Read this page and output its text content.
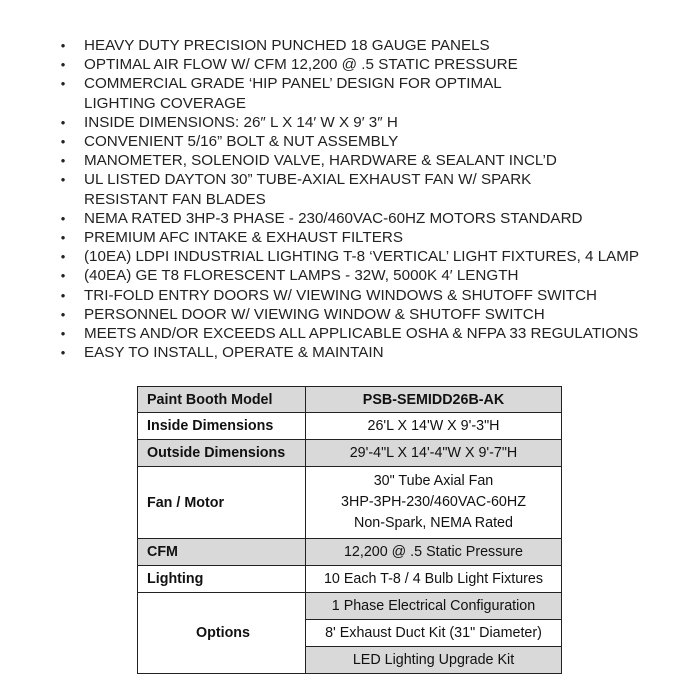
• HEAVY DUTY PRECISION PUNCHED 18 GAUGE PANELS
• OPTIMAL AIR FLOW W/ CFM 12,200 @ .5 STATIC PRESSURE
• COMMERCIAL GRADE ‘HIP PANEL’ DESIGN FOR OPTIMAL
LIGHTING COVERAGE
• INSIDE DIMENSIONS: 26″ L X 14′ W X 9′ 3″ H
• CONVENIENT 5/16” BOLT & NUT ASSEMBLY
• MANOMETER, SOLENOID VALVE, HARDWARE & SEALANT INCL’D
• UL LISTED DAYTON 30” TUBE-AXIAL EXHAUST FAN W/ SPARK
RESISTANT FAN BLADES
• NEMA RATED 3HP-3 PHASE - 230/460VAC-60HZ MOTORS STANDARD
• PREMIUM AFC INTAKE & EXHAUST FILTERS
• (10EA) LDPI INDUSTRIAL LIGHTING T-8 ‘VERTICAL’ LIGHT FIXTURES, 4 LAMP
• (40EA) GE T8 FLORESCENT LAMPS - 32W, 5000K 4′ LENGTH
• TRI-FOLD ENTRY DOORS W/ VIEWING WINDOWS & SHUTOFF SWITCH
• PERSONNEL DOOR W/ VIEWING WINDOW & SHUTOFF SWITCH
• MEETS AND/OR EXCEEDS ALL APPLICABLE OSHA & NFPA 33 REGULATIONS
• EASY TO INSTALL, OPERATE & MAINTAIN
Paint Booth Model	PSB-SEMIDD26B-AK
Inside Dimensions	26'L X 14'W X 9'-3"H
Outside Dimensions	29'-4"L X 14'-4"W X 9'-7"H
Fan / Motor	30" Tube Axial Fan
3HP-3PH-230/460VAC-60HZ
Non-Spark, NEMA Rated

CFM	12,200 @ .5 Static Pressure
Lighting	10 Each T-8 / 4 Bulb Light Fixtures
Options	1 Phase Electrical Configuration
	8' Exhaust Duct Kit (31" Diameter)
	LED Lighting Upgrade Kit
